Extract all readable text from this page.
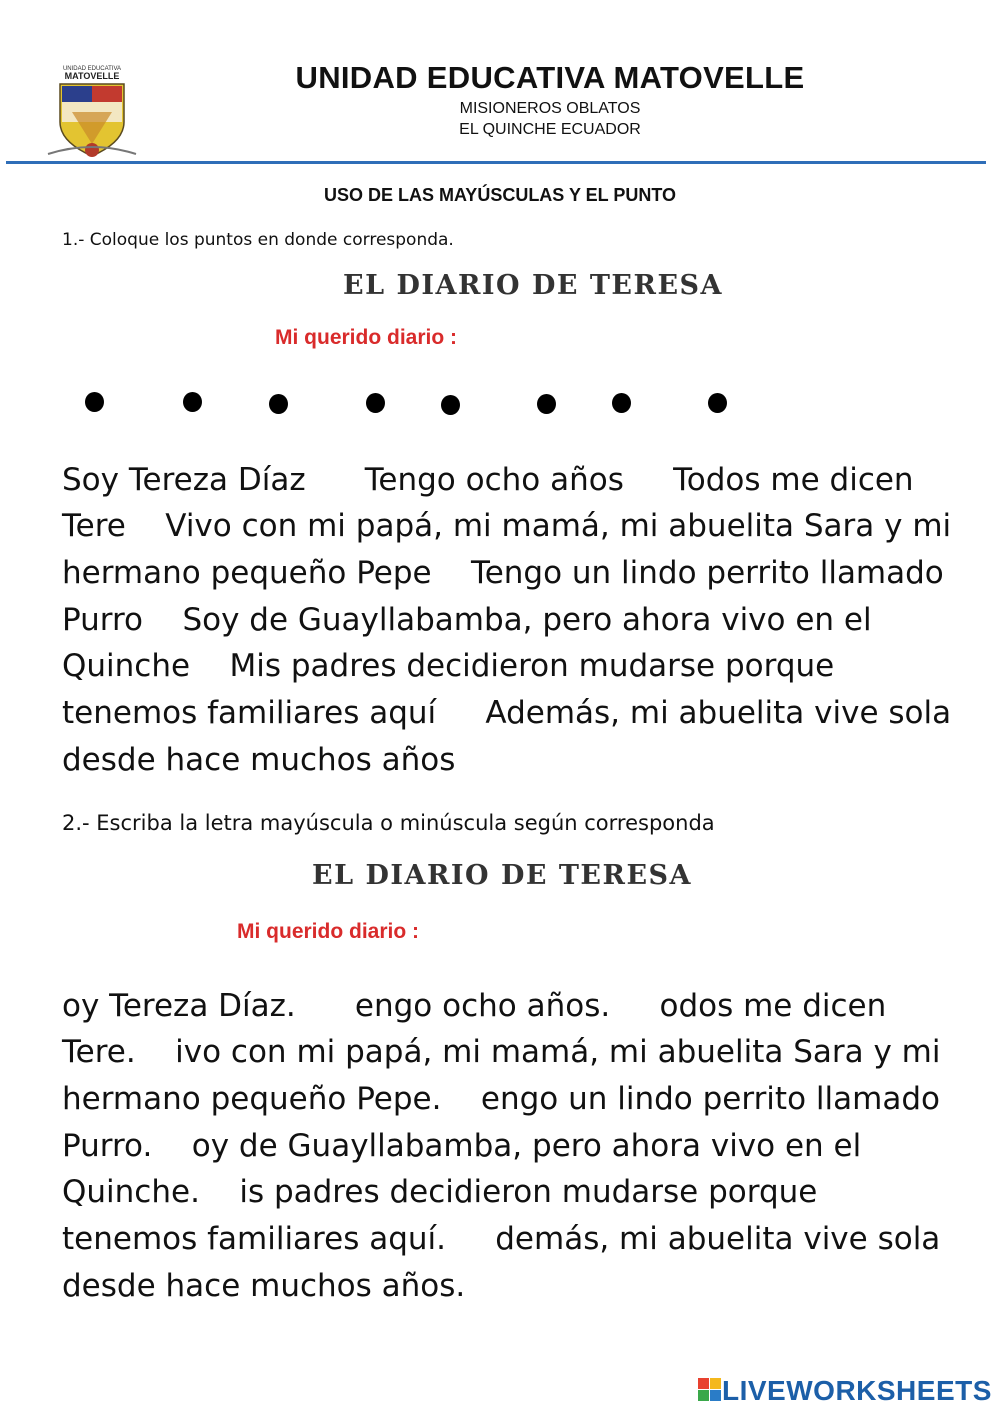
UNIDAD EDUCATIVA
MATOVELLE	UNIDAD EDUCATIVA MATOVELLE
MISIONEROS OBLATOS
EL QUINCHE ECUADOR
USO DE LAS MAYÚSCULAS Y EL PUNTO
1.- Coloque los puntos en donde corresponda.
EL DIARIO DE TERESA
Mi querido diario :
Soy Tereza Díaz      Tengo ocho años     Todos me dicen
Tere    Vivo con mi papá, mi mamá, mi abuelita Sara y mi
hermano pequeño Pepe    Tengo un lindo perrito llamado
Purro    Soy de Guayllabamba, pero ahora vivo en el
Quinche    Mis padres decidieron mudarse porque
tenemos familiares aquí     Además, mi abuelita vive sola
desde hace muchos años
2.- Escriba la letra mayúscula o minúscula según corresponda
EL DIARIO DE TERESA
Mi querido diario :
oy Tereza Díaz.      engo ocho años.     odos me dicen
Tere.    ivo con mi papá, mi mamá, mi abuelita Sara y mi
hermano pequeño Pepe.    engo un lindo perrito llamado
Purro.    oy de Guayllabamba, pero ahora vivo en el
Quinche.    is padres decidieron mudarse porque
tenemos familiares aquí.     demás, mi abuelita vive sola
desde hace muchos años.
LIVEWORKSHEETS
